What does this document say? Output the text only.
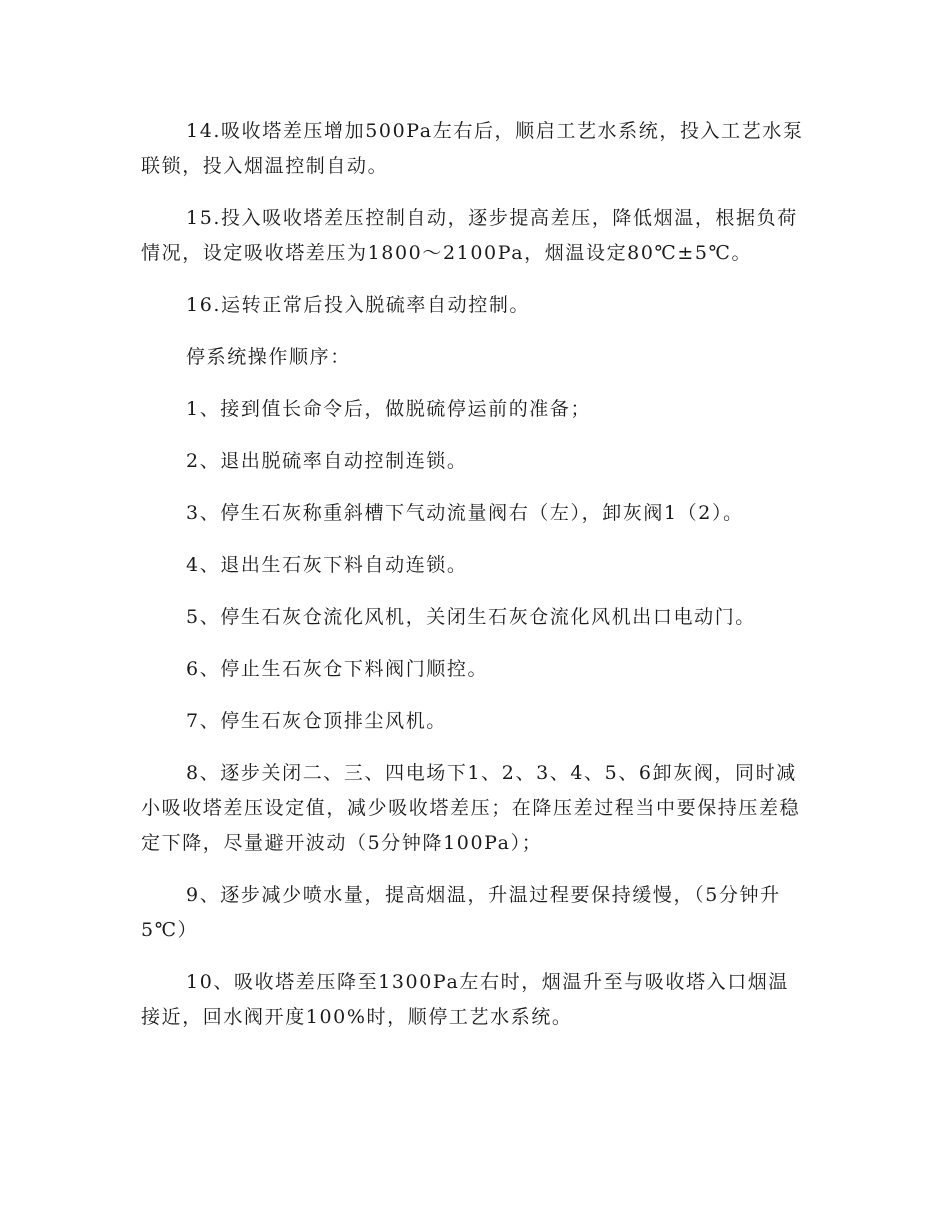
14.吸收塔差压增加500Pa左右后，顺启工艺水系统，投入工艺水泵联锁，投入烟温控制自动。

15.投入吸收塔差压控制自动，逐步提高差压，降低烟温，根据负荷情况，设定吸收塔差压为1800～2100Pa，烟温设定80℃±5℃。

16.运转正常后投入脱硫率自动控制。

停系统操作顺序：

1、接到值长命令后，做脱硫停运前的准备；

2、退出脱硫率自动控制连锁。

3、停生石灰称重斜槽下气动流量阀右（左），卸灰阀1（2）。

4、退出生石灰下料自动连锁。

5、停生石灰仓流化风机，关闭生石灰仓流化风机出口电动门。

6、停止生石灰仓下料阀门顺控。

7、停生石灰仓顶排尘风机。

8、逐步关闭二、三、四电场下1、2、3、4、5、6卸灰阀，同时减小吸收塔差压设定值，减少吸收塔差压；在降压差过程当中要保持压差稳定下降，尽量避开波动（5分钟降100Pa）；

9、逐步减少喷水量，提高烟温，升温过程要保持缓慢，（5分钟升5℃）

10、吸收塔差压降至1300Pa左右时，烟温升至与吸收塔入口烟温接近，回水阀开度100%时，顺停工艺水系统。
